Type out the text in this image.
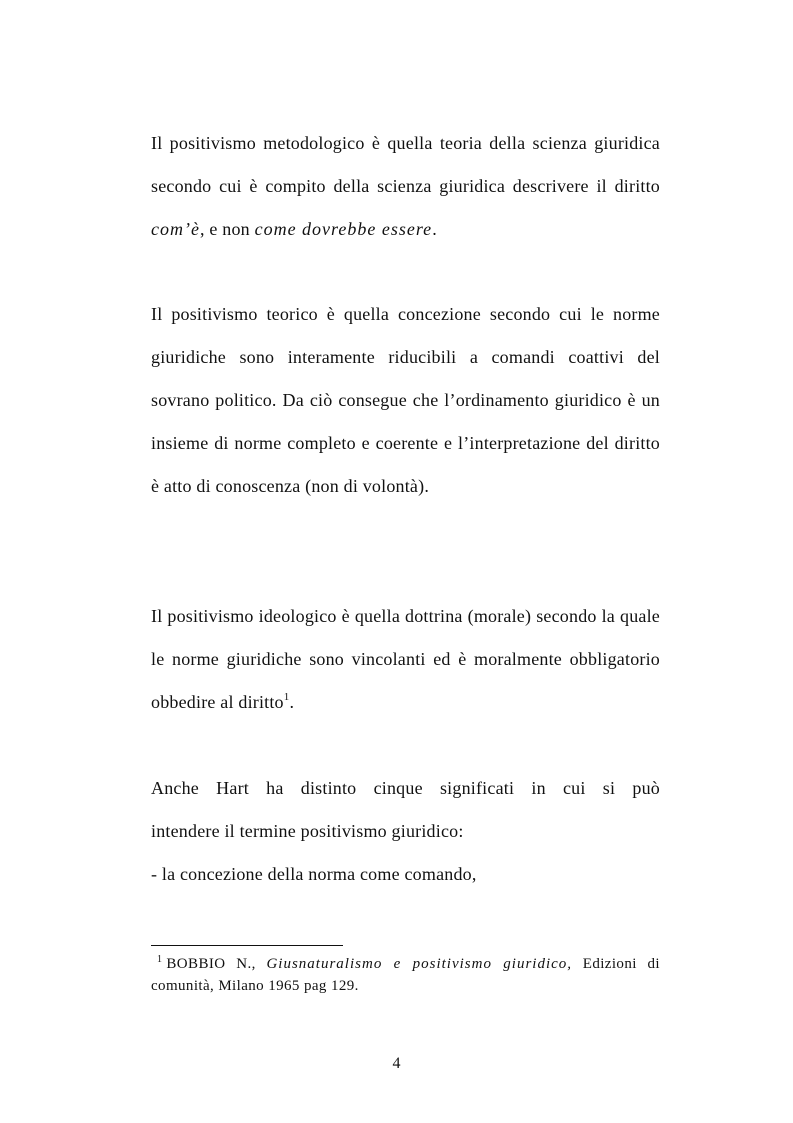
Il positivismo metodologico è quella teoria della scienza giuridica secondo cui è compito della scienza giuridica descrivere il diritto com’è, e non come dovrebbe essere.

Il positivismo teorico è quella concezione secondo cui le norme giuridiche sono interamente riducibili a comandi coattivi del sovrano politico. Da ciò consegue che l’ordinamento giuridico è un insieme di norme completo e coerente e l’interpretazione del diritto è atto di conoscenza (non di volontà).

Il positivismo ideologico è quella dottrina (morale) secondo la quale le norme giuridiche sono vincolanti ed è moralmente obbligatorio obbedire al diritto$^1$.

Anche Hart ha distinto cinque significati in cui si può
intendere il termine positivismo giuridico:
- la concezione della norma come comando,

$^1$ BOBBIO N., Giusnaturalismo e positivismo giuridico, Edizioni di comunità, Milano 1965 pag 129.
4
